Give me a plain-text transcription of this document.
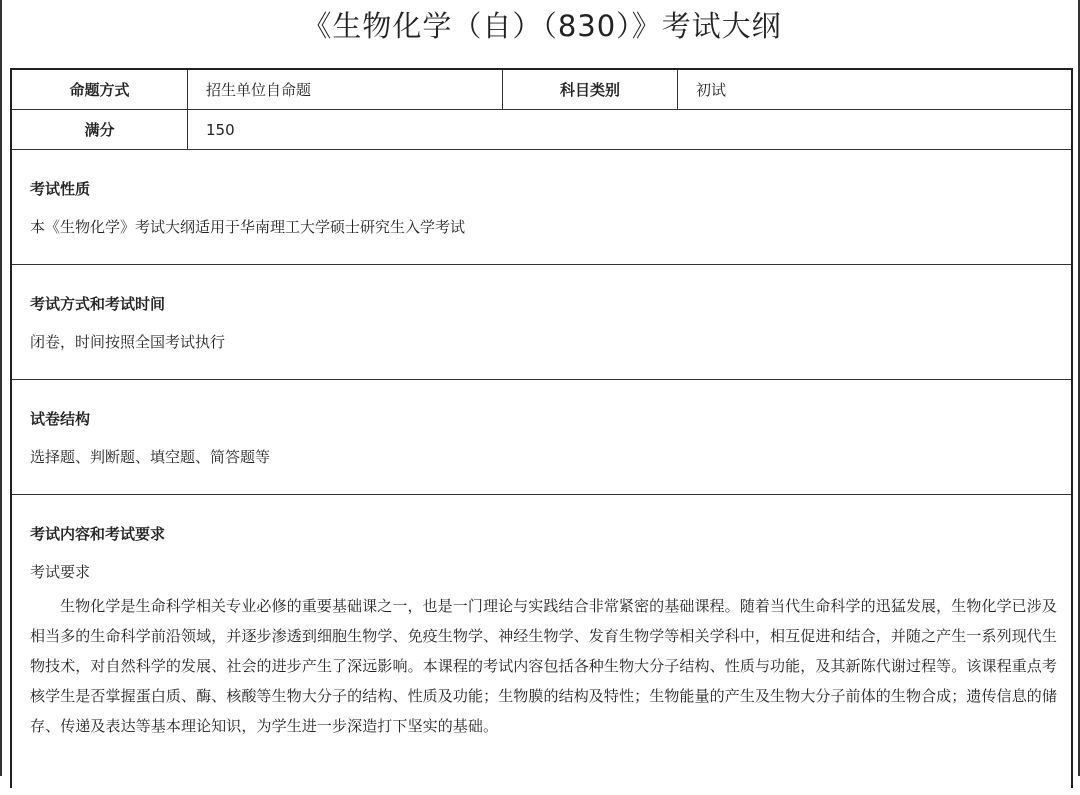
《生物化学（自）（830）》考试大纲
命题方式	招生单位自命题	科目类别	初试
满分	150
考试性质
本《生物化学》考试大纲适用于华南理工大学硕士研究生入学考试
考试方式和考试时间
闭卷，时间按照全国考试执行
试卷结构
选择题、判断题、填空题、简答题等
考试内容和考试要求
考试要求
生物化学是生命科学相关专业必修的重要基础课之一，也是一门理论与实践结合非常紧密的基础课程。随着当代生命科学的迅猛发展，生物化学已涉及相当多的生命科学前沿领域，并逐步渗透到细胞生物学、免疫生物学、神经生物学、发育生物学等相关学科中，相互促进和结合，并随之产生一系列现代生物技术，对自然科学的发展、社会的进步产生了深远影响。本课程的考试内容包括各种生物大分子结构、性质与功能，及其新陈代谢过程等。该课程重点考核学生是否掌握蛋白质、酶、核酸等生物大分子的结构、性质及功能；生物膜的结构及特性；生物能量的产生及生物大分子前体的生物合成；遗传信息的储存、传递及表达等基本理论知识，为学生进一步深造打下坚实的基础。
